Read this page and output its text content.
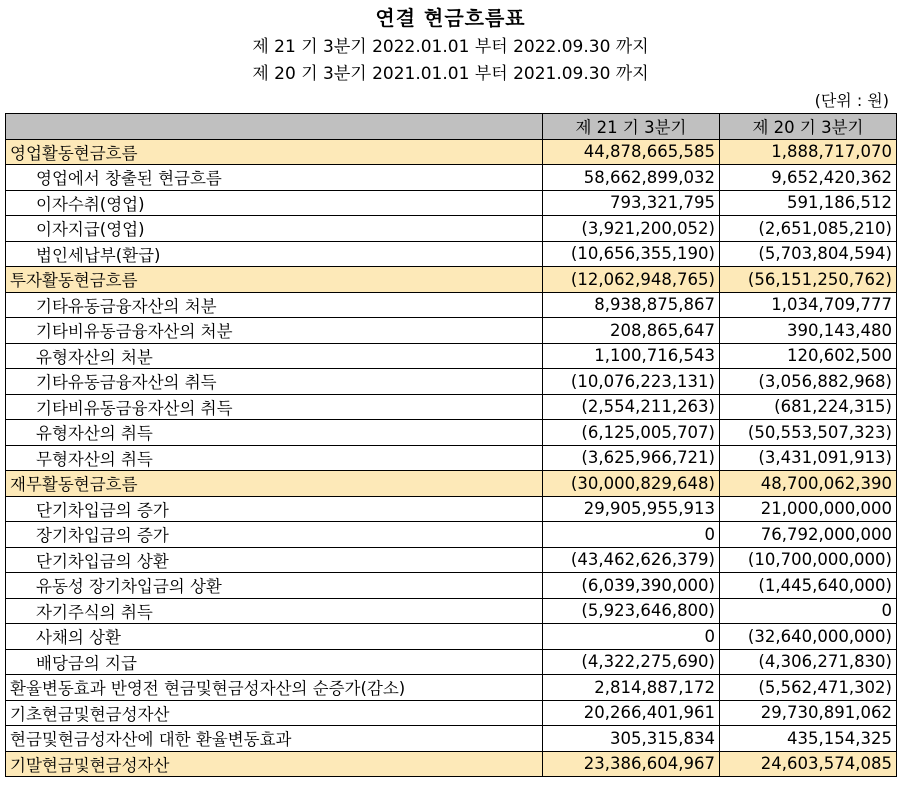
연결 현금흐름표
제 21 기 3분기 2022.01.01 부터 2022.09.30 까지
제 20 기 3분기 2021.01.01 부터 2021.09.30 까지
(단위 : 원)
	제 21 기 3분기	제 20 기 3분기
영업활동현금흐름	44,878,665,585	1,888,717,070
영업에서 창출된 현금흐름	58,662,899,032	9,652,420,362
이자수취(영업)	793,321,795	591,186,512
이자지급(영업)	(3,921,200,052)	(2,651,085,210)
법인세납부(환급)	(10,656,355,190)	(5,703,804,594)
투자활동현금흐름	(12,062,948,765)	(56,151,250,762)
기타유동금융자산의 처분	8,938,875,867	1,034,709,777
기타비유동금융자산의 처분	208,865,647	390,143,480
유형자산의 처분	1,100,716,543	120,602,500
기타유동금융자산의 취득	(10,076,223,131)	(3,056,882,968)
기타비유동금융자산의 취득	(2,554,211,263)	(681,224,315)
유형자산의 취득	(6,125,005,707)	(50,553,507,323)
무형자산의 취득	(3,625,966,721)	(3,431,091,913)
재무활동현금흐름	(30,000,829,648)	48,700,062,390
단기차입금의 증가	29,905,955,913	21,000,000,000
장기차입금의 증가	0	76,792,000,000
단기차입금의 상환	(43,462,626,379)	(10,700,000,000)
유동성 장기차입금의 상환	(6,039,390,000)	(1,445,640,000)
자기주식의 취득	(5,923,646,800)	0
사채의 상환	0	(32,640,000,000)
배당금의 지급	(4,322,275,690)	(4,306,271,830)
환율변동효과 반영전 현금및현금성자산의 순증가(감소)	2,814,887,172	(5,562,471,302)
기초현금및현금성자산	20,266,401,961	29,730,891,062
현금및현금성자산에 대한 환율변동효과	305,315,834	435,154,325
기말현금및현금성자산	23,386,604,967	24,603,574,085
